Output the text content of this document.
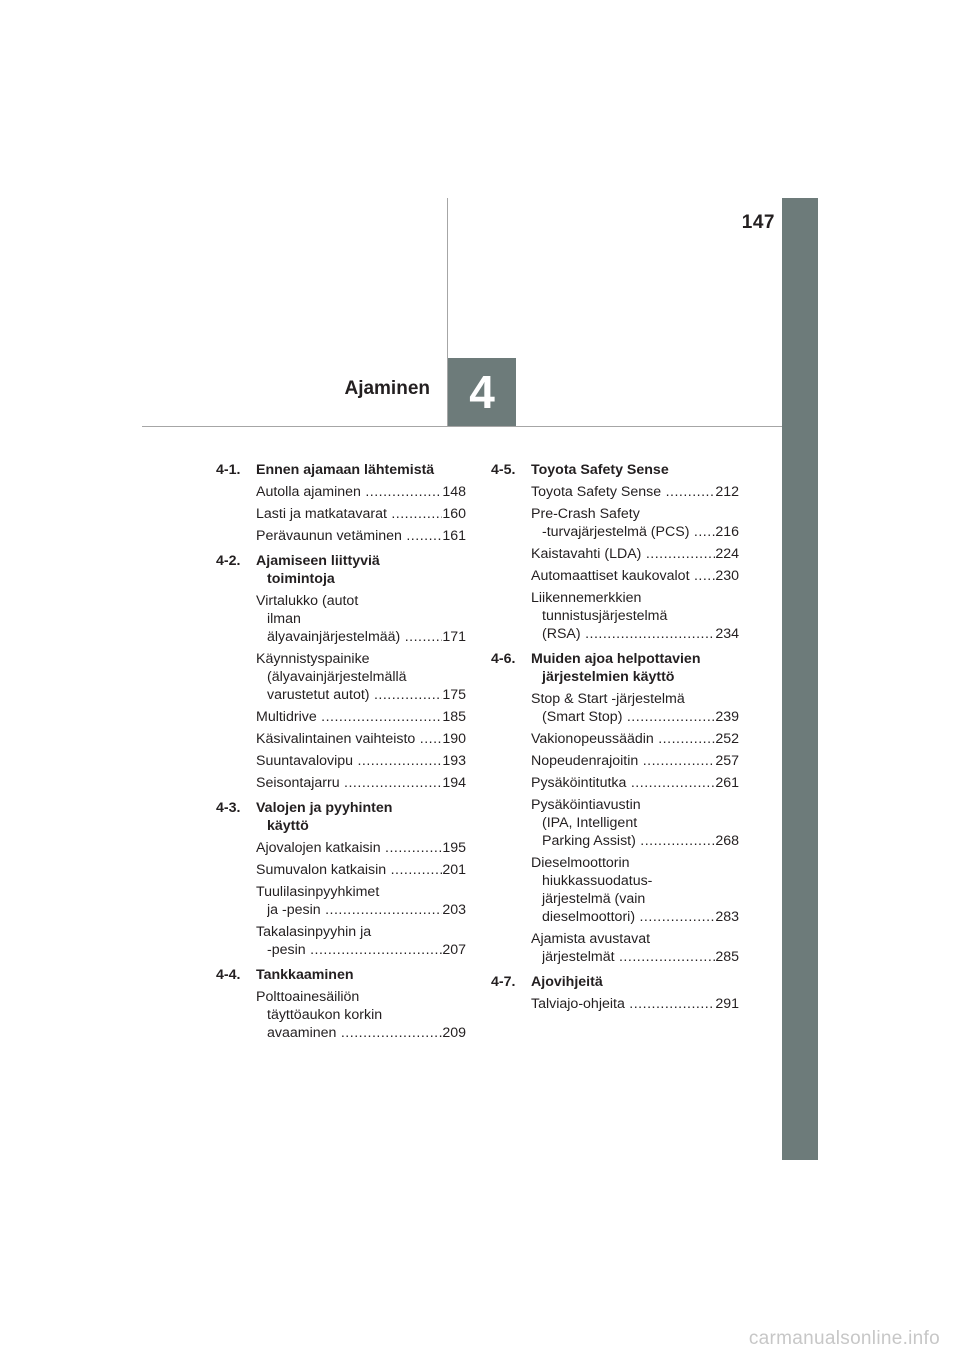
147
4
Ajaminen
4-1.	Ennen ajamaan lähtemistä
Autolla ajaminen .....	148
Lasti ja matkatavarat .....	160
Perävaunun vetäminen .....	161
4-2.	Ajamiseen liittyviä
toimintoja
Virtalukko (autot
ilman
älyavainjärjestelmää) .....	171
Käynnistyspainike
(älyavainjärjestelmällä
varustetut autot) .....	175
Multidrive .....	185
Käsivalintainen vaihteisto .....	190
Suuntavalovipu .....	193
Seisontajarru .....	194
4-3.	Valojen ja pyyhinten
käyttö
Ajovalojen katkaisin .....	195
Sumuvalon katkaisin .....	201
Tuulilasinpyyhkimet
ja -pesin .....	203
Takalasinpyyhin ja
-pesin .....	207
4-4.	Tankkaaminen
Polttoainesäiliön
täyttöaukon korkin
avaaminen .....	209
4-5.	Toyota Safety Sense
Toyota Safety Sense .....	212
Pre-Crash Safety
-turvajärjestelmä (PCS) .....	216
Kaistavahti (LDA) .....	224
Automaattiset kaukovalot .....	230
Liikennemerkkien
tunnistusjärjestelmä
(RSA) .....	234
4-6.	Muiden ajoa helpottavien
järjestelmien käyttö
Stop & Start -järjestelmä
(Smart Stop) .....	239
Vakionopeussäädin .....	252
Nopeudenrajoitin .....	257
Pysäköintitutka .....	261
Pysäköintiavustin
(IPA, Intelligent
Parking Assist) .....	268
Dieselmoottorin
hiukkassuodatus-
järjestelmä (vain
dieselmoottori) .....	283
Ajamista avustavat
järjestelmät .....	285
4-7.	Ajovihjeitä
Talviajo-ohjeita .....	291
carmanualsonline.info
